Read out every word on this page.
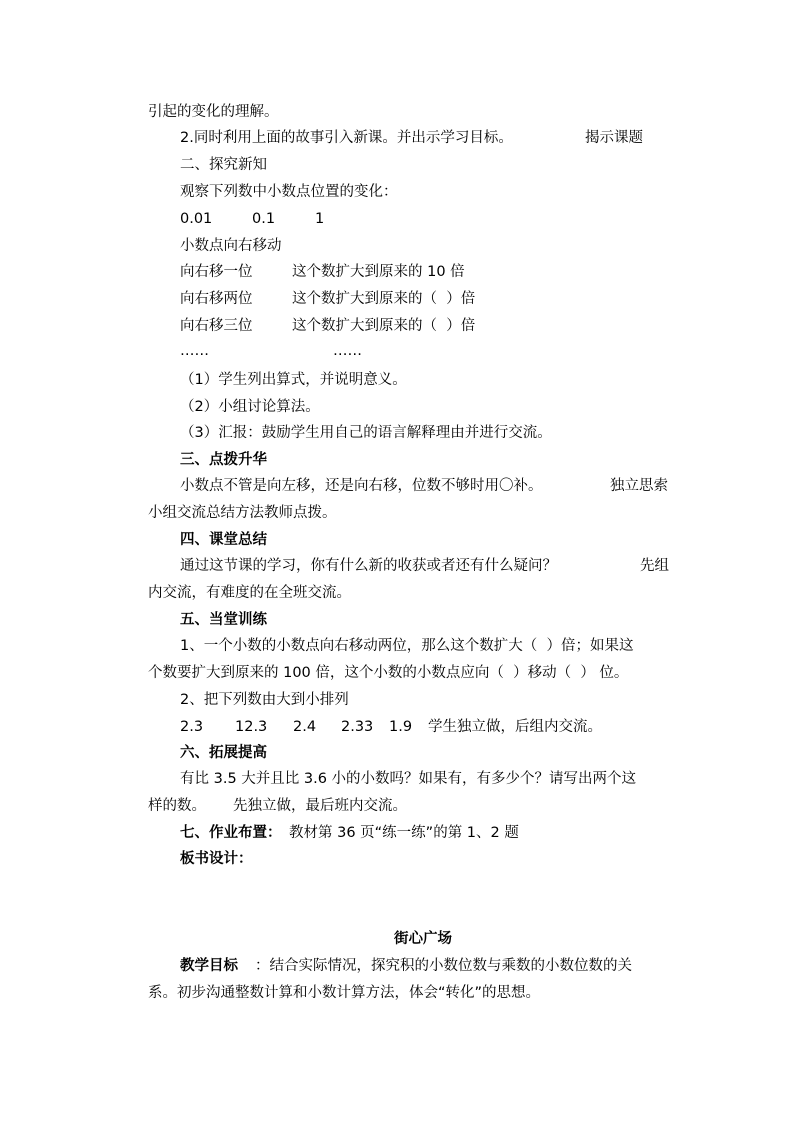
引起的变化的理解。
2.同时利用上面的故事引入新课。并出示学习目标。	揭示课题
二、探究新知
观察下列数中小数点位置的变化：
0.01	0.1	1
小数点向右移动
向右移一位	这个数扩大到原来的 10 倍
向右移两位	这个数扩大到原来的（  ）倍
向右移三位	这个数扩大到原来的（  ）倍
……	……
（1）学生列出算式，并说明意义。
（2）小组讨论算法。
（3）汇报：鼓励学生用自己的语言解释理由并进行交流。
三、点拨升华
小数点不管是向左移，还是向右移，位数不够时用〇补。	独立思索
小组交流总结方法教师点拨。
四、课堂总结
通过这节课的学习，你有什么新的收获或者还有什么疑问？	先组
内交流，有难度的在全班交流。
五、当堂训练
1、一个小数的小数点向右移动两位，那么这个数扩大（  ）倍；如果这
个数要扩大到原来的 100 倍，这个小数的小数点应向（  ）移动（  ） 位。
2、把下列数由大到小排列
2.3 12.3 2.4 2.33 1.9 学生独立做，后组内交流。
六、拓展提高
有比 3.5 大并且比 3.6 小的小数吗？如果有，有多少个？请写出两个这
样的数。 先独立做，最后班内交流。
七、作业布置： 教材第 36 页“练一练”的第 1、2 题
板书设计：
街心广场
教学目标 ：结合实际情况，探究积的小数位数与乘数的小数位数的关
系。初步沟通整数计算和小数计算方法，体会“转化”的思想。
